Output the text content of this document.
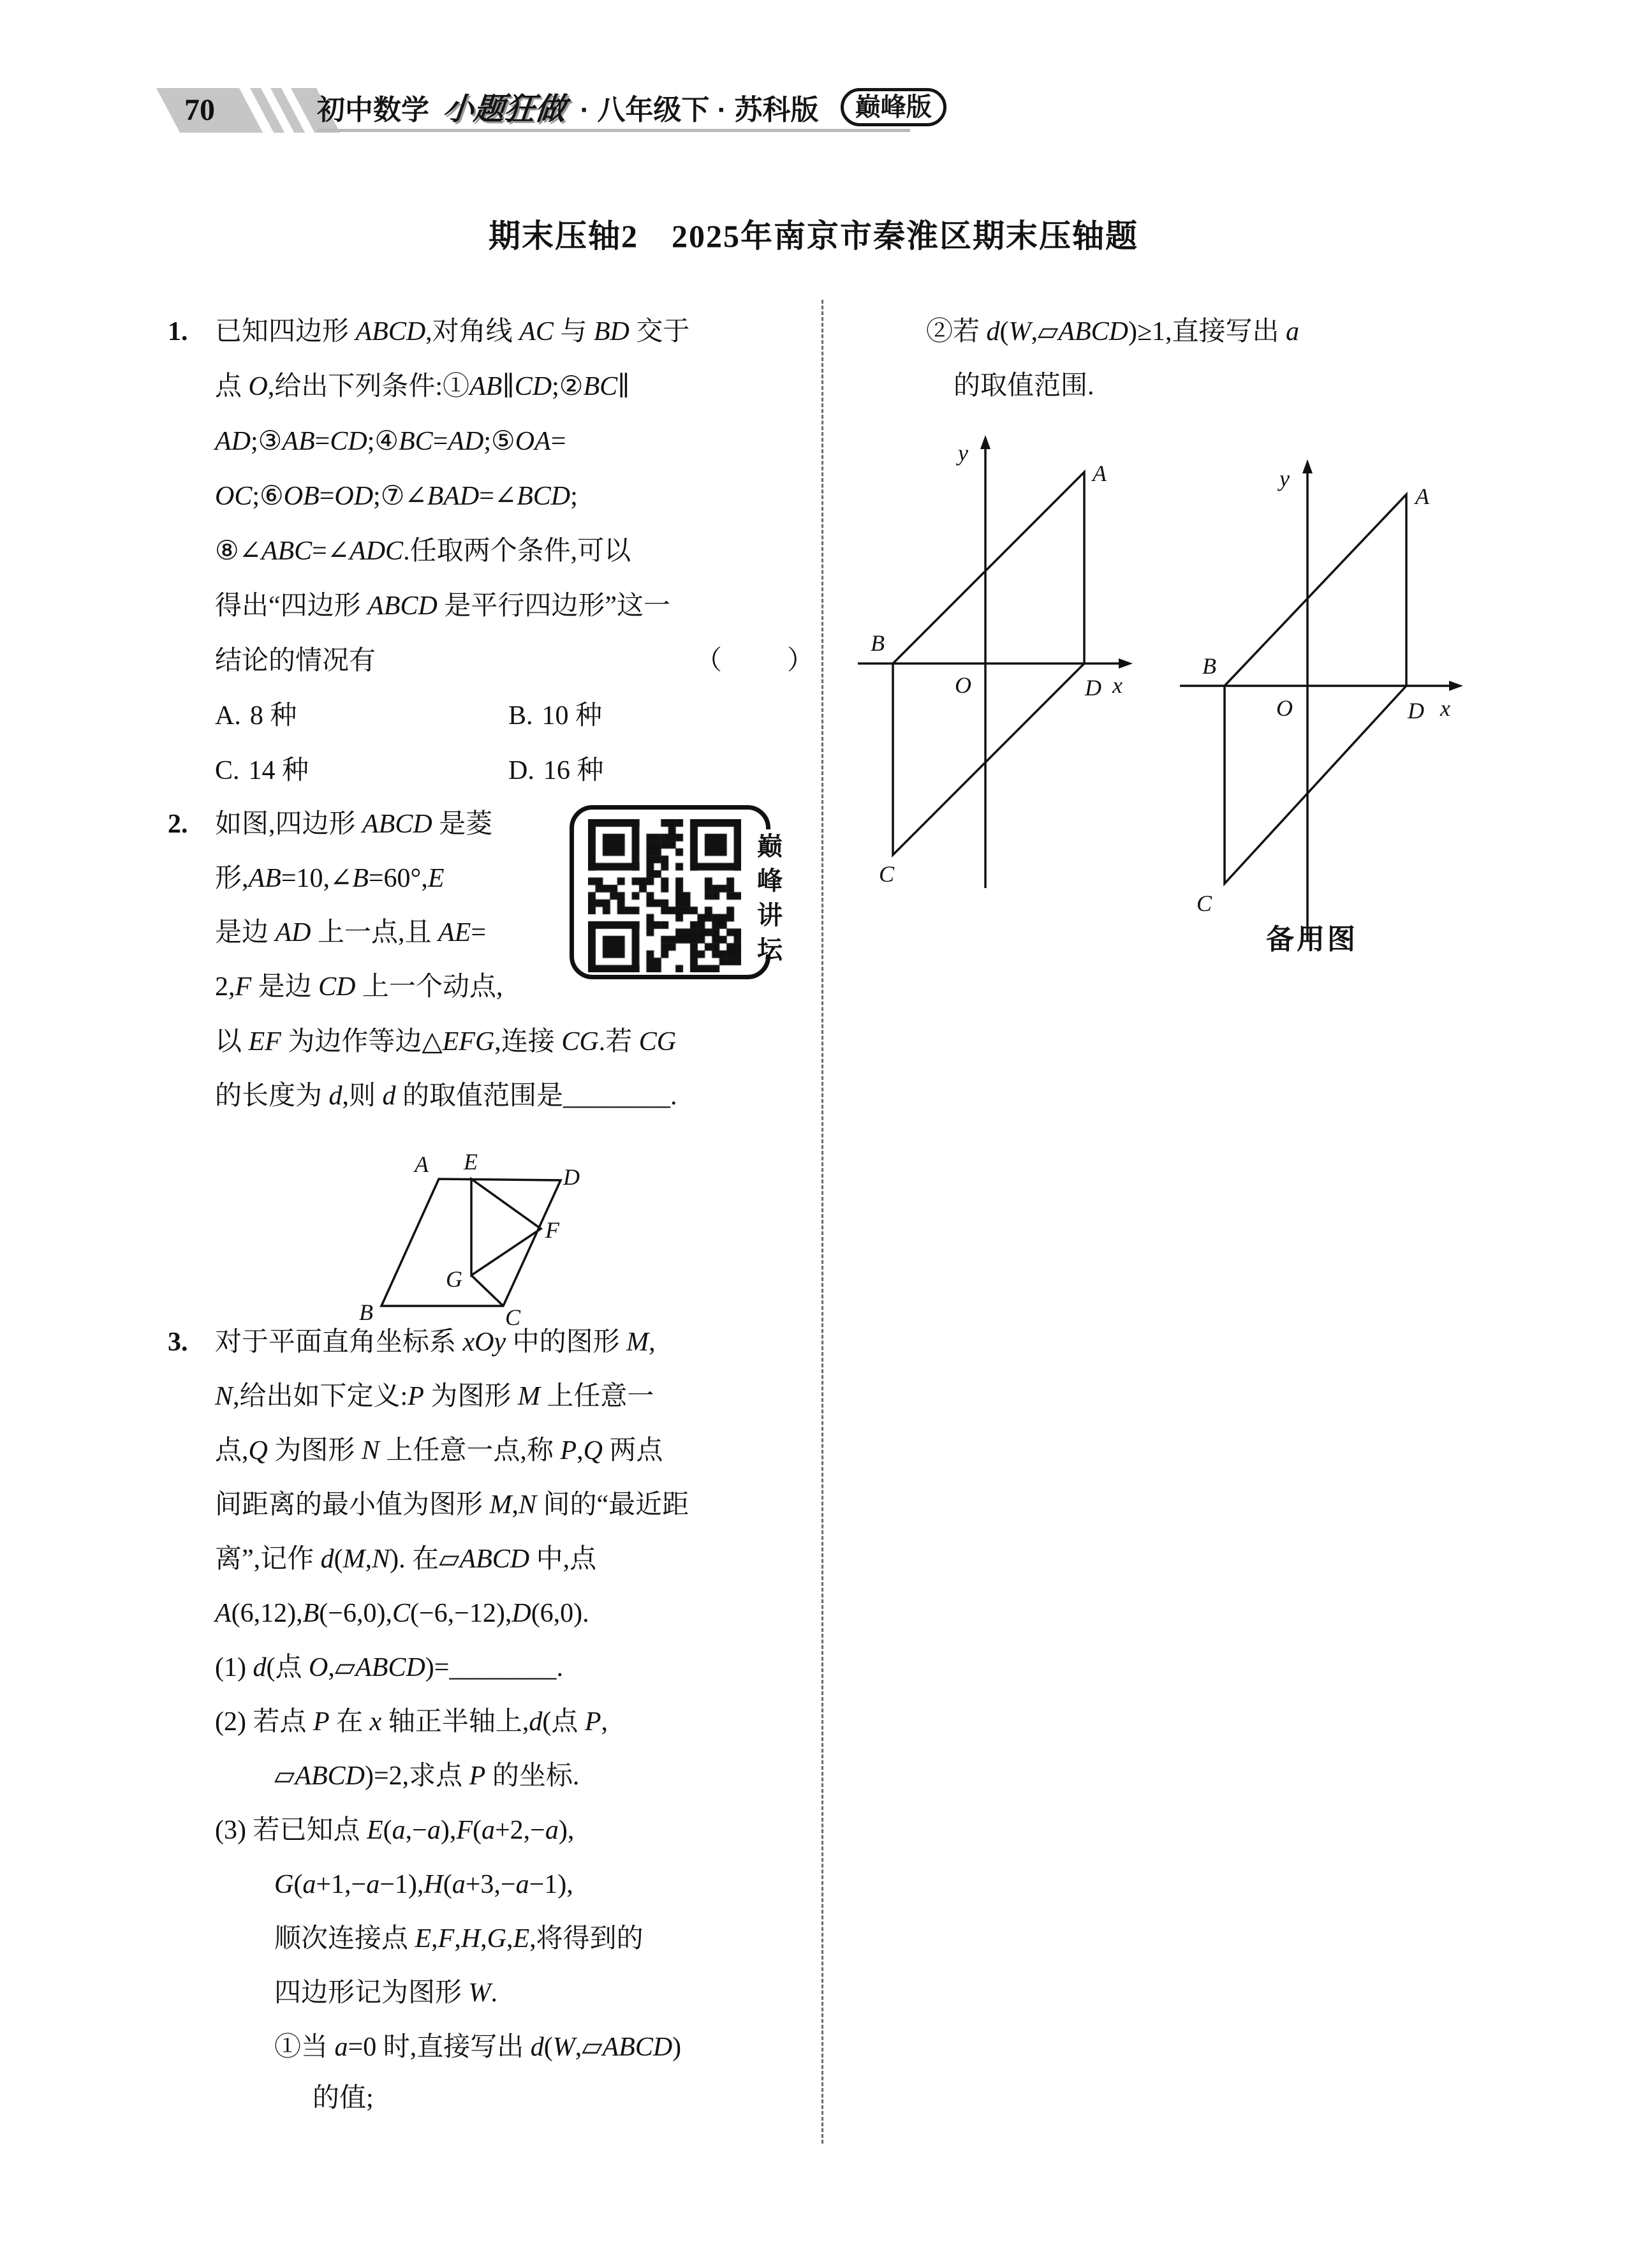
70	初中数学 小题狂做 · 八年级下 · 苏科版 巅峰版
期末压轴2　2025年南京市秦淮区期末压轴题
1. 已知四边形 ABCD,对角线 AC 与 BD 交于
点 O,给出下列条件:①AB∥CD;②BC∥
AD;③AB=CD;④BC=AD;⑤OA=
OC;⑥OB=OD;⑦∠BAD=∠BCD;
⑧∠ABC=∠ADC.任取两个条件,可以
得出“四边形 ABCD 是平行四边形”这一
结论的情况有	（　　）
A. 8 种	B. 10 种
C. 14 种	D. 16 种
2. 如图,四边形 ABCD 是菱
形,AB=10,∠B=60°,E
是边 AD 上一点,且 AE=
2,F 是边 CD 上一个动点,
以 EF 为边作等边△EFG,连接 CG.若 CG
的长度为 d,则 d 的取值范围是________.
巅
峰
讲
坛
A E
D
F
G
B	C
3. 对于平面直角坐标系 xOy 中的图形 M,
N,给出如下定义:P 为图形 M 上任意一
点,Q 为图形 N 上任意一点,称 P,Q 两点
间距离的最小值为图形 M,N 间的“最近距
离”,记作 d(M,N). 在▱ABCD 中,点
A(6,12),B(−6,0),C(−6,−12),D(6,0).
(1) d(点 O,▱ABCD)=________.
(2) 若点 P 在 x 轴正半轴上,d(点 P,
▱ABCD)=2,求点 P 的坐标.
(3) 若已知点 E(a,−a),F(a+2,−a),
G(a+1,−a−1),H(a+3,−a−1),
顺次连接点 E,F,H,G,E,将得到的
四边形记为图形 W.
①当 a=0 时,直接写出 d(W,▱ABCD)
的值;
②若 d(W,▱ABCD)≥1,直接写出 a
的取值范围.
y
A
B
O	D x
C
y
A
B
O	D x
C
备用图
